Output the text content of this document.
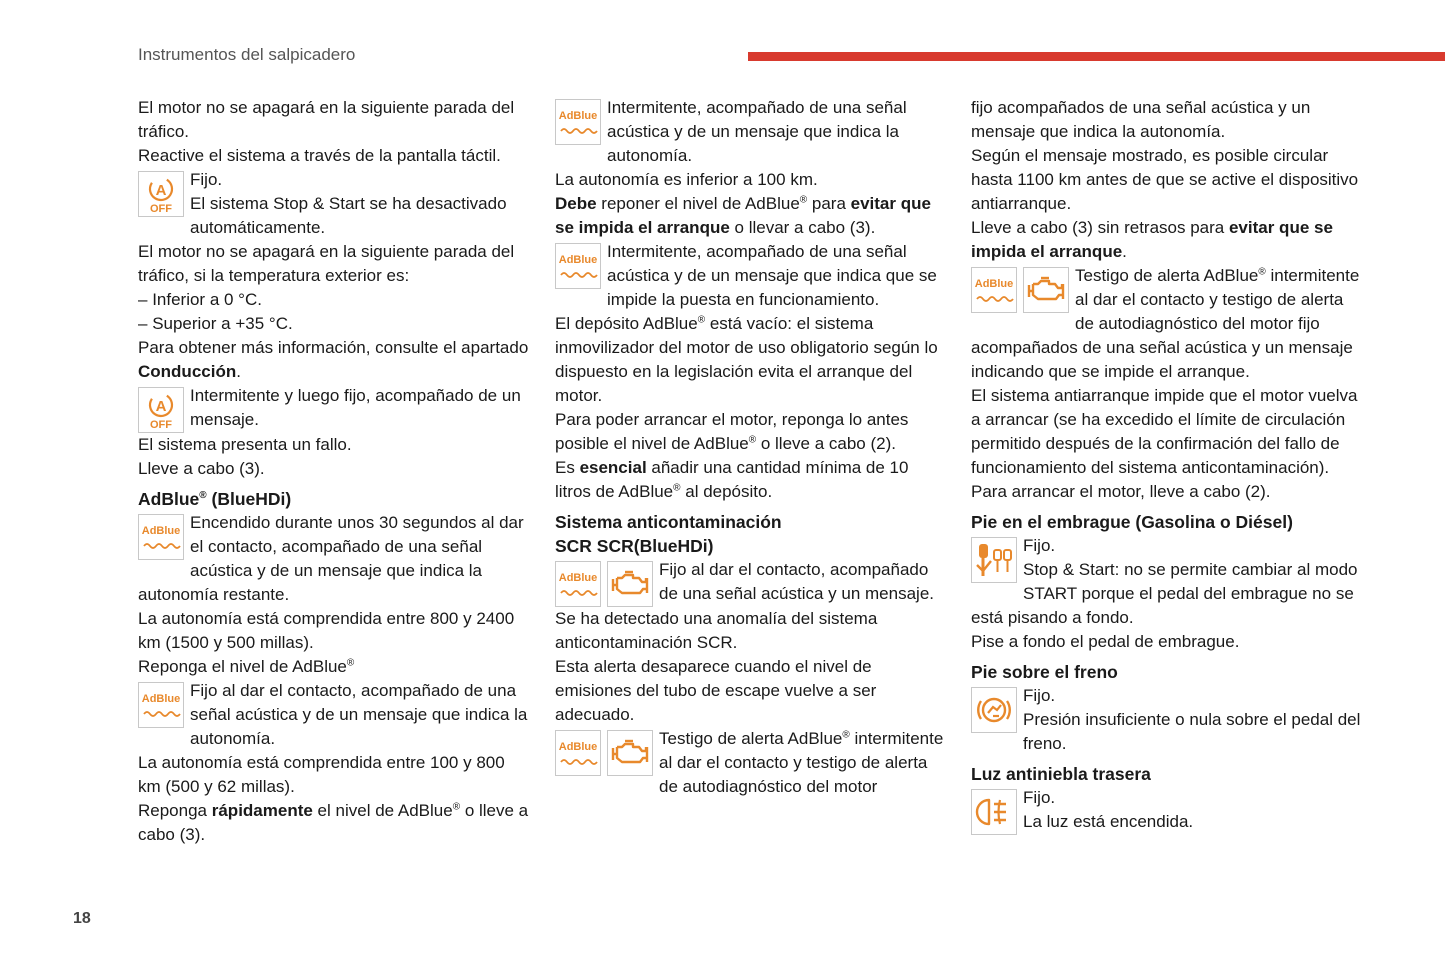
Instrumentos del salpicadero

El motor no se apagará en la siguiente parada del tráfico.

Reactive el sistema a través de la pantalla táctil.

A
OFF

Fijo.

El sistema Stop & Start se ha desactivado automáticamente.

El motor no se apagará en la siguiente parada del tráfico, si la temperatura exterior es:

– Inferior a 0 °C.
– Superior a +35 °C.

Para obtener más información, consulte el apartado Conducción.

A
OFF

Intermitente y luego fijo, acompañado de un mensaje.

El sistema presenta un fallo.

Lleve a cabo (3).

AdBlue® (BlueHDi)
AdBlue Encendido durante unos 30 segundos al dar el contacto, acompañado de una señal acústica y de un mensaje que indica la autonomía restante.

La autonomía está comprendida entre 800 y 2400 km (1500 y 500 millas).

Reponga el nivel de AdBlue®

AdBlue Fijo al dar el contacto, acompañado de una señal acústica y de un mensaje que indica la autonomía.

La autonomía está comprendida entre 100 y 800 km (500 y 62 millas).

Reponga rápidamente el nivel de AdBlue® o lleve a cabo (3).

AdBlue Intermitente, acompañado de una señal acústica y de un mensaje que indica la autonomía.

La autonomía es inferior a 100 km.

Debe reponer el nivel de AdBlue® para evitar que se impida el arranque o llevar a cabo (3).

AdBlue Intermitente, acompañado de una señal acústica y de un mensaje que indica que se impide la puesta en funcionamiento.

El depósito AdBlue® está vacío: el sistema inmovilizador del motor de uso obligatorio según lo dispuesto en la legislación evita el arranque del motor.

Para poder arrancar el motor, reponga lo antes posible el nivel de AdBlue® o lleve a cabo (2).

Es esencial añadir una cantidad mínima de 10 litros de AdBlue® al depósito.

Sistema anticontaminación
SCR SCR(BlueHDi)
AdBlue	Fijo al dar el contacto, acompañado de una señal acústica y un mensaje.

Se ha detectado una anomalía del sistema anticontaminación SCR.

Esta alerta desaparece cuando el nivel de emisiones del tubo de escape vuelve a ser adecuado.

AdBlue	Testigo de alerta AdBlue® intermitente al dar el contacto y testigo de alerta de autodiagnóstico del motor

fijo acompañados de una señal acústica y un mensaje que indica la autonomía.

Según el mensaje mostrado, es posible circular hasta 1100 km antes de que se active el dispositivo antiarranque.

Lleve a cabo (3) sin retrasos para evitar que se impida el arranque.

AdBlue	Testigo de alerta AdBlue® intermitente al dar el contacto y testigo de alerta de autodiagnóstico del motor fijo acompañados de una señal acústica y un mensaje indicando que se impide el arranque.

El sistema antiarranque impide que el motor vuelva a arrancar (se ha excedido el límite de circulación permitido después de la confirmación del fallo de funcionamiento del sistema anticontaminación).

Para arrancar el motor, lleve a cabo (2).

Pie en el embrague (Gasolina o Diésel)

Fijo.

Stop & Start: no se permite cambiar al modo START porque el pedal del embrague no se está pisando a fondo.

Pise a fondo el pedal de embrague.

Pie sobre el freno

Fijo.

Presión insuficiente o nula sobre el pedal del freno.

Luz antiniebla trasera

Fijo.

La luz está encendida.

18
